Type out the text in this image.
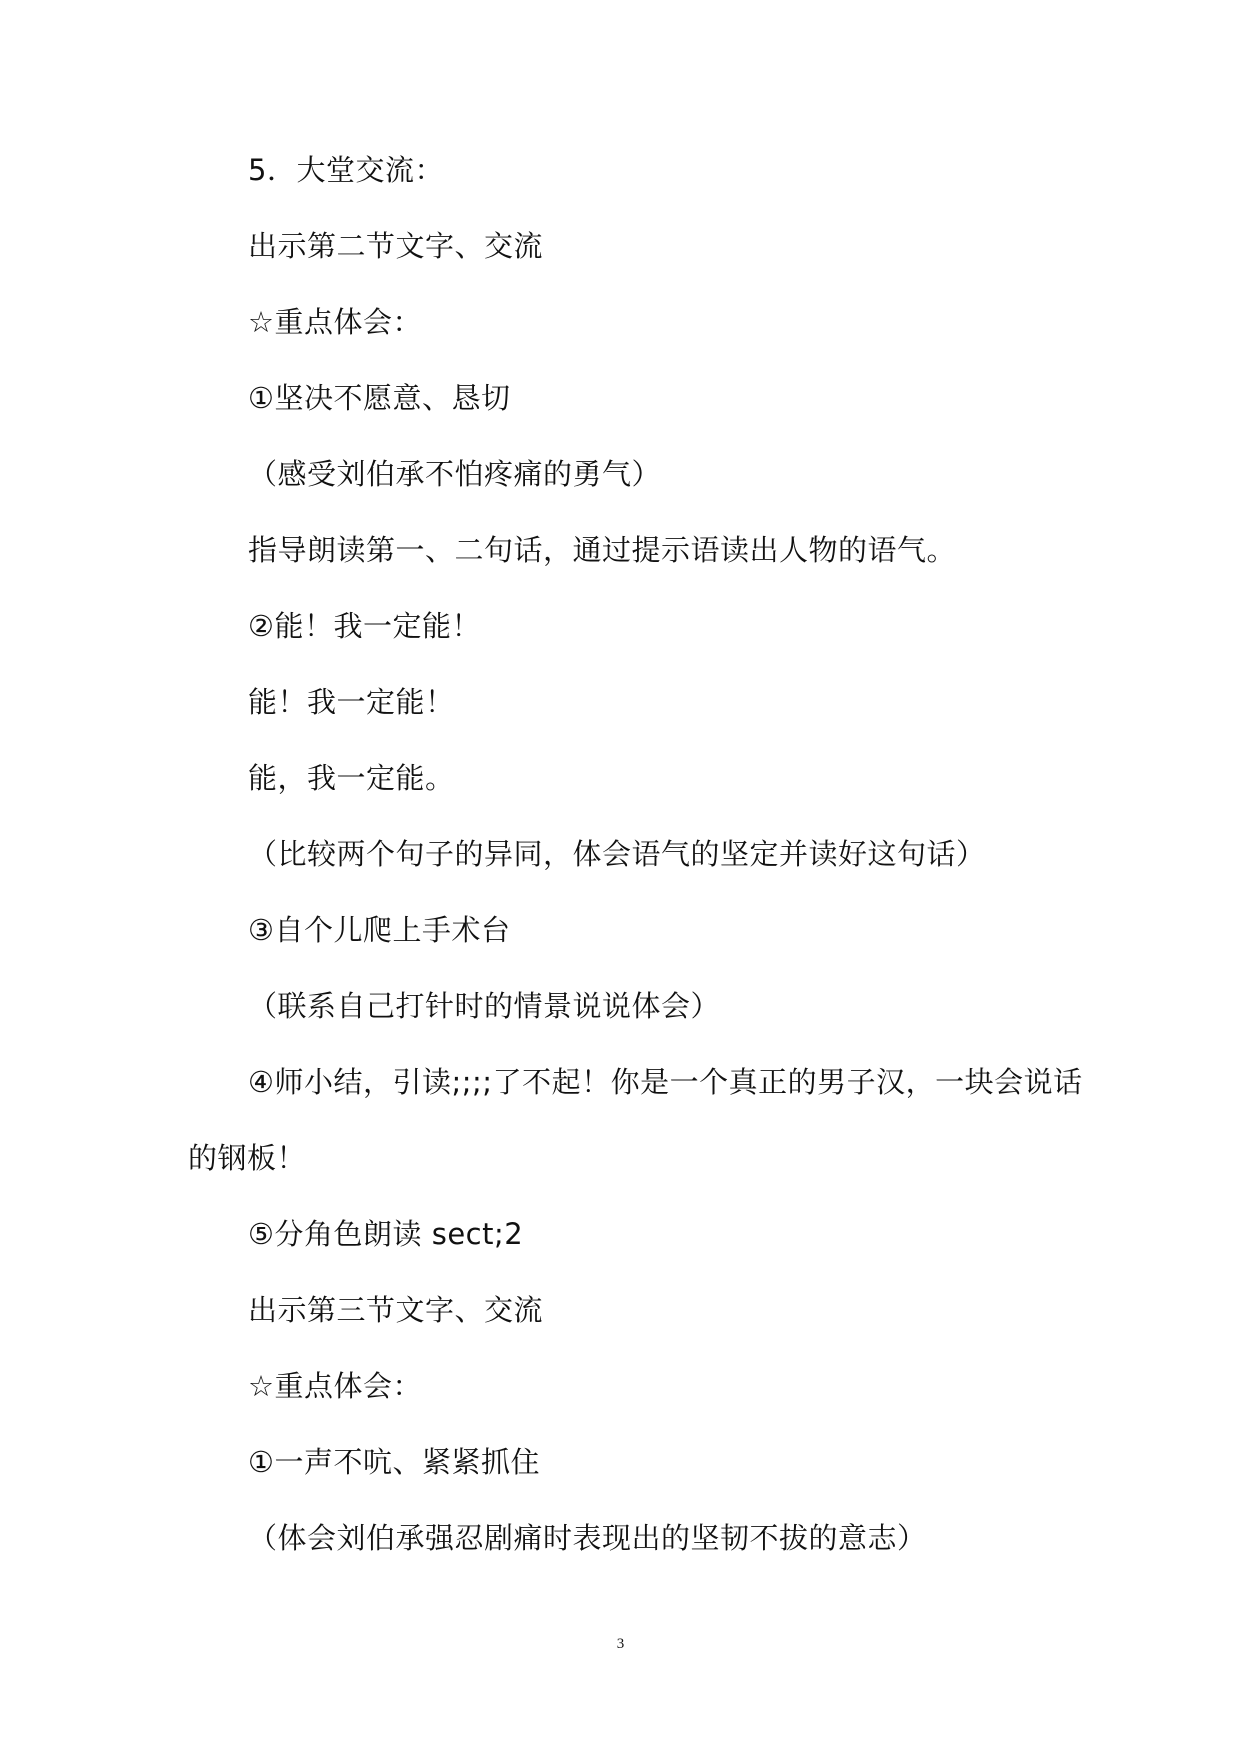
5．大堂交流：
出示第二节文字、交流
☆重点体会：
①坚决不愿意、恳切
（感受刘伯承不怕疼痛的勇气）
指导朗读第一、二句话，通过提示语读出人物的语气。
②能！我一定能！
能！我一定能！
能，我一定能。
（比较两个句子的异同，体会语气的坚定并读好这句话）
③自个儿爬上手术台
（联系自己打针时的情景说说体会）
④师小结，引读;;;;了不起！你是一个真正的男子汉，一块会说话
的钢板！
⑤分角色朗读 sect;2
出示第三节文字、交流
☆重点体会：
①一声不吭、紧紧抓住
（体会刘伯承强忍剧痛时表现出的坚韧不拔的意志）
3
